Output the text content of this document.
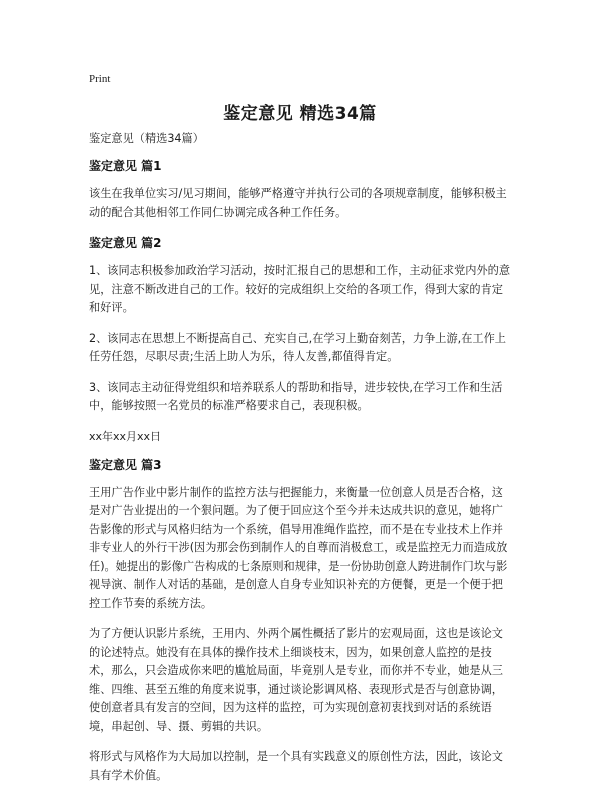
Print
鉴定意见 精选34篇
鉴定意见（精选34篇）
鉴定意见 篇1

该生在我单位实习/见习期间，能够严格遵守并执行公司的各项规章制度，能够积极主动的配合其他相邻工作同仁协调完成各种工作任务。

鉴定意见 篇2

1、该同志积极参加政治学习活动，按时汇报自己的思想和工作，主动征求党内外的意见，注意不断改进自己的工作。较好的完成组织上交给的各项工作，得到大家的肯定和好评。

2、该同志在思想上不断提高自己、充实自己,在学习上勤奋刻苦，力争上游,在工作上任劳任怨，尽职尽责;生活上助人为乐，待人友善,都值得肯定。

3、该同志主动征得党组织和培养联系人的帮助和指导，进步较快,在学习工作和生活中，能够按照一名党员的标准严格要求自己，表现积极。

xx年xx月xx日
鉴定意见 篇3

王用广告作业中影片制作的监控方法与把握能力，来衡量一位创意人员是否合格，这是对广告业提出的一个狠问题。为了便于回应这个至今并未达成共识的意见，她将广告影像的形式与风格归结为一个系统，倡导用准绳作监控，而不是在专业技术上作并非专业人的外行干涉(因为那会伤到制作人的自尊而消极怠工，或是监控无力而造成放任)。她提出的影像广告构成的七条原则和规律，是一份协助创意人跨进制作门坎与影视导演、制作人对话的基础，是创意人自身专业知识补充的方便餐，更是一个便于把控工作节奏的系统方法。

为了方便认识影片系统，王用内、外两个属性概括了影片的宏观局面，这也是该论文的论述特点。她没有在具体的操作技术上细谈枝末，因为，如果创意人监控的是技术，那么，只会造成你来吧的尴尬局面，毕竟别人是专业，而你并不专业，她是从三维、四维、甚至五维的角度来说事，通过谈论影调风格、表现形式是否与创意协调，使创意者具有发言的空间，因为这样的监控，可为实现创意初衷找到对话的系统语境，串起创、导、摄、剪辑的共识。

将形式与风格作为大局加以控制，是一个具有实践意义的原创性方法，因此，该论文具有学术价值。
